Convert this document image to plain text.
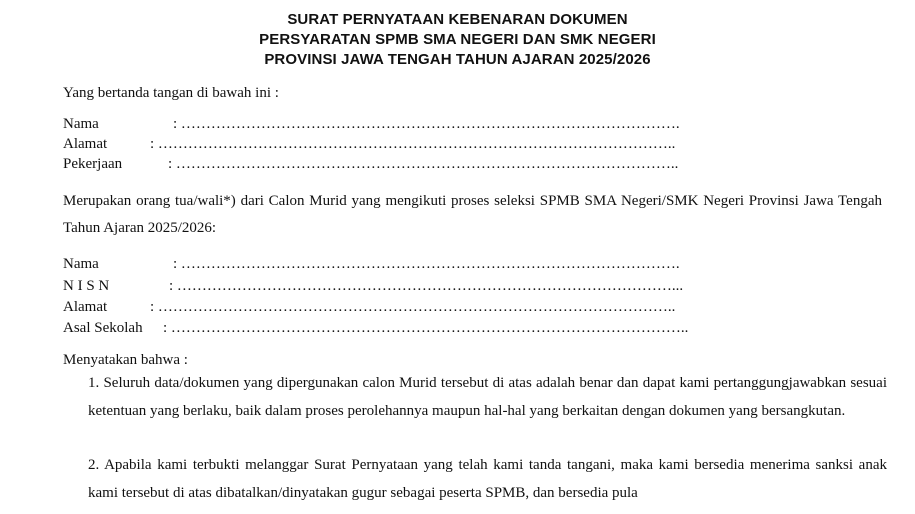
SURAT PERNYATAAN KEBENARAN DOKUMEN
PERSYARATAN SPMB SMA NEGERI DAN SMK NEGERI
PROVINSI JAWA TENGAH TAHUN AJARAN 2025/2026
Yang bertanda tangan di bawah ini :
Nama	: ……………………………………………………………………………………….
Alamat	: …………………………………………………………………………………………..
Pekerjaan	: ………………………………………………………………………………………..
Merupakan orang tua/wali*) dari Calon Murid yang mengikuti proses seleksi SPMB SMA Negeri/SMK Negeri Provinsi Jawa Tengah Tahun Ajaran 2025/2026:
Nama	: ……………………………………………………………………………………….
N I S N	: ………………………………………………………………………………………...
Alamat	: …………………………………………………………………………………………..
Asal Sekolah : …………………………………………………………………………………………..
Menyatakan bahwa :
1. Seluruh data/dokumen yang dipergunakan calon Murid tersebut di atas adalah benar dan dapat kami pertanggungjawabkan sesuai ketentuan yang berlaku, baik dalam proses perolehannya maupun hal-hal yang berkaitan dengan dokumen yang bersangkutan.
2. Apabila kami terbukti melanggar Surat Pernyataan yang telah kami tanda tangani, maka kami bersedia menerima sanksi anak kami tersebut di atas dibatalkan/dinyatakan gugur sebagai peserta SPMB, dan bersedia pula
